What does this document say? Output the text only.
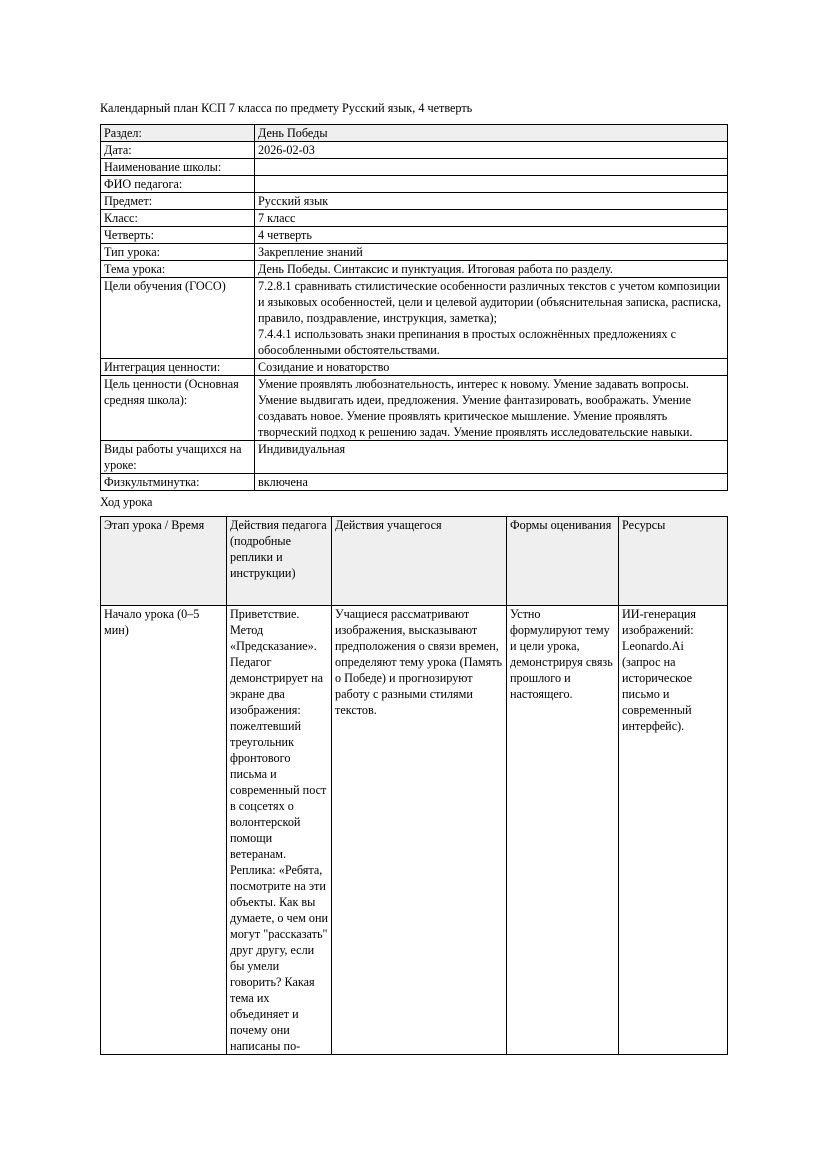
Календарный план КСП 7 класса по предмету Русский язык, 4 четверть
Раздел:	День Победы
Дата:	2026-02-03
Наименование школы:	
ФИО педагога:	
Предмет:	Русский язык
Класс:	7 класс
Четверть:	4 четверть
Тип урока:	Закрепление знаний
Тема урока:	День Победы. Синтаксис и пунктуация. Итоговая работа по разделу.
Цели обучения (ГОСО)	7.2.8.1 сравнивать стилистические особенности различных текстов с учетом композиции и языковых особенностей, цели и целевой аудитории (объяснительная записка, расписка, правило, поздравление, инструкция, заметка);
7.4.4.1 использовать знаки препинания в простых осложнённых предложениях с обособленными обстоятельствами.
Интеграция ценности:	Созидание и новаторство
Цель ценности (Основная средняя школа):	Умение проявлять любознательность, интерес к новому. Умение задавать вопросы. Умение выдвигать идеи, предложения. Умение фантазировать, воображать. Умение создавать новое. Умение проявлять критическое мышление. Умение проявлять творческий подход к решению задач. Умение проявлять исследовательские навыки.
Виды работы учащихся на уроке:	Индивидуальная
Физкультминутка:	включена
Ход урока
Этап урока / Время	Действия педагога (подробные реплики и инструкции)	Действия учащегося	Формы оценивания	Ресурсы
Начало урока (0–5 мин)	Приветствие. Метод «Предсказание». Педагог демонстрирует на экране два изображения: пожелтевший треугольник фронтового письма и современный пост в соцсетях о волонтерской помощи ветеранам. Реплика: «Ребята, посмотрите на эти объекты. Как вы думаете, о чем они могут "рассказать" друг другу, если бы умели говорить? Какая тема их объединяет и почему они написаны по-	Учащиеся рассматривают изображения, высказывают предположения о связи времен, определяют тему урока (Память о Победе) и прогнозируют работу с разными стилями текстов.	Устно формулируют тему и цели урока, демонстрируя связь прошлого и настоящего.	ИИ-генерация изображений: Leonardo.Ai (запрос на историческое письмо и современный интерфейс).
